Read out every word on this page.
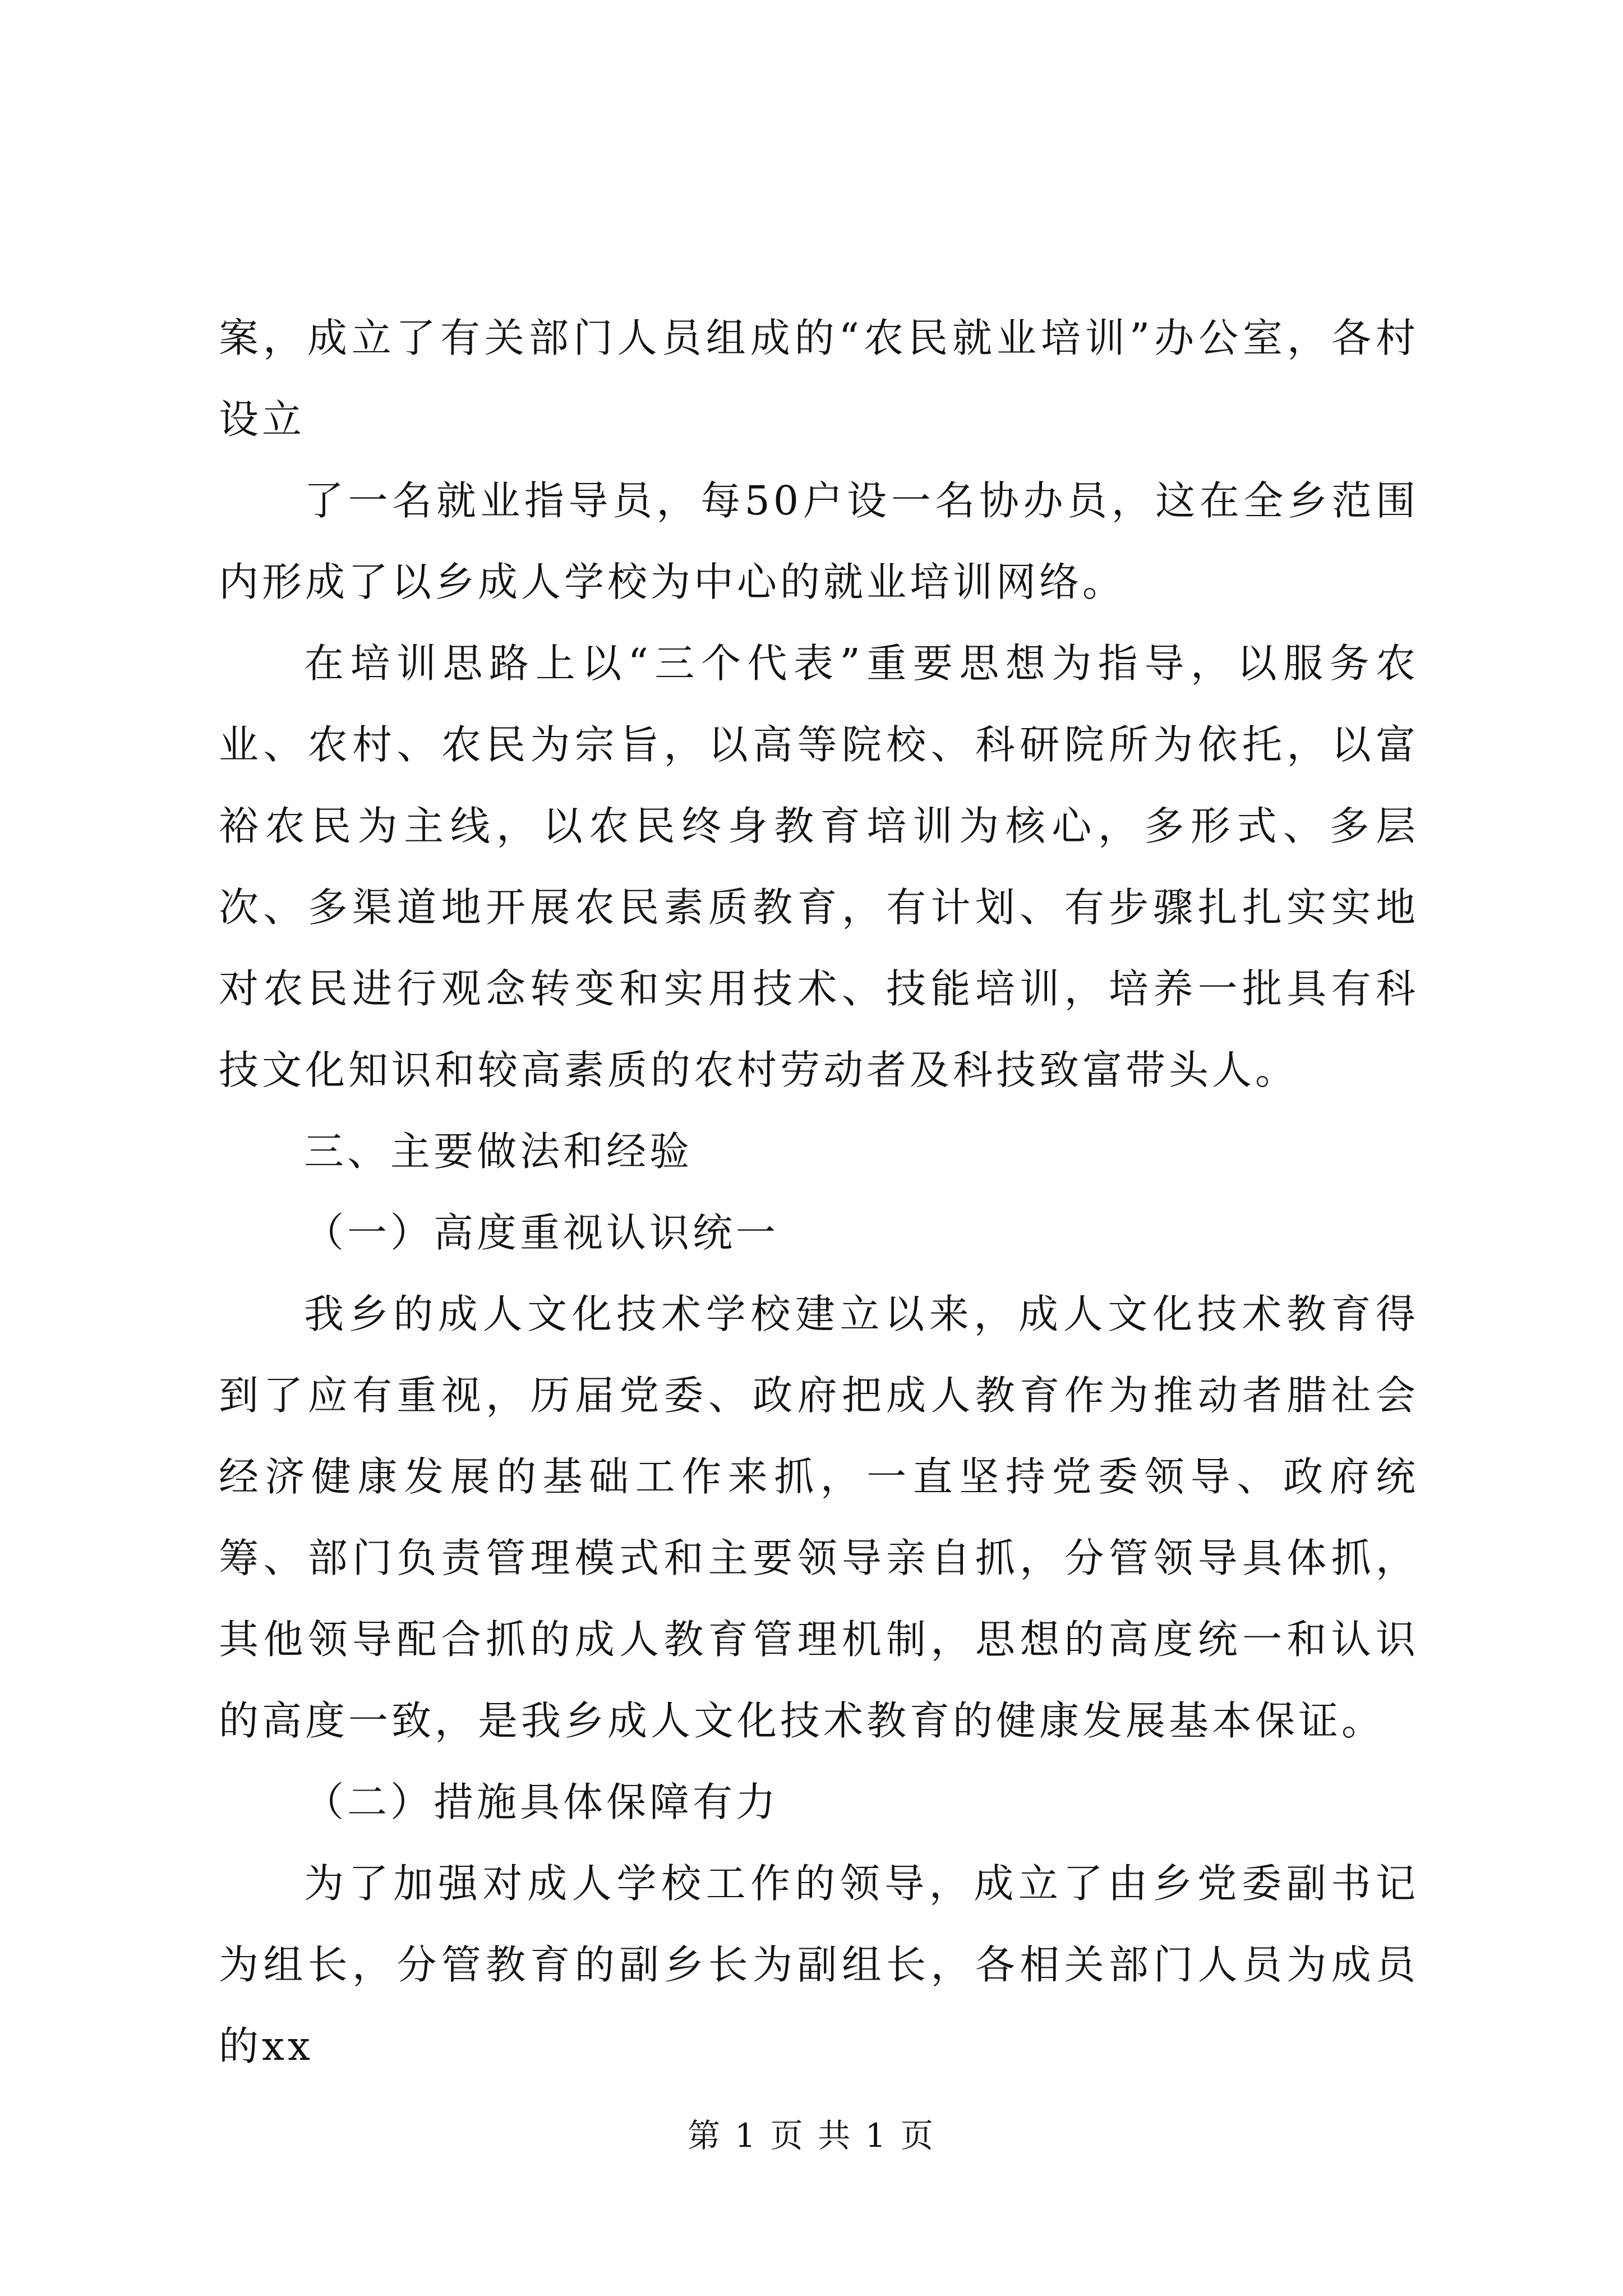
案，成立了有关部门人员组成的“农民就业培训”办公室，各村设立

了一名就业指导员，每50户设一名协办员，这在全乡范围内形成了以乡成人学校为中心的就业培训网络。

在培训思路上以“三个代表”重要思想为指导，以服务农业、农村、农民为宗旨，以高等院校、科研院所为依托，以富裕农民为主线，以农民终身教育培训为核心，多形式、多层次、多渠道地开展农民素质教育，有计划、有步骤扎扎实实地对农民进行观念转变和实用技术、技能培训，培养一批具有科技文化知识和较高素质的农村劳动者及科技致富带头人。

三、主要做法和经验

（一）高度重视认识统一

我乡的成人文化技术学校建立以来，成人文化技术教育得到了应有重视，历届党委、政府把成人教育作为推动者腊社会经济健康发展的基础工作来抓，一直坚持党委领导、政府统筹、部门负责管理模式和主要领导亲自抓，分管领导具体抓，其他领导配合抓的成人教育管理机制，思想的高度统一和认识的高度一致，是我乡成人文化技术教育的健康发展基本保证。

（二）措施具体保障有力

为了加强对成人学校工作的领导，成立了由乡党委副书记为组长，分管教育的副乡长为副组长，各相关部门人员为成员的xx

第 1 页 共 1 页
